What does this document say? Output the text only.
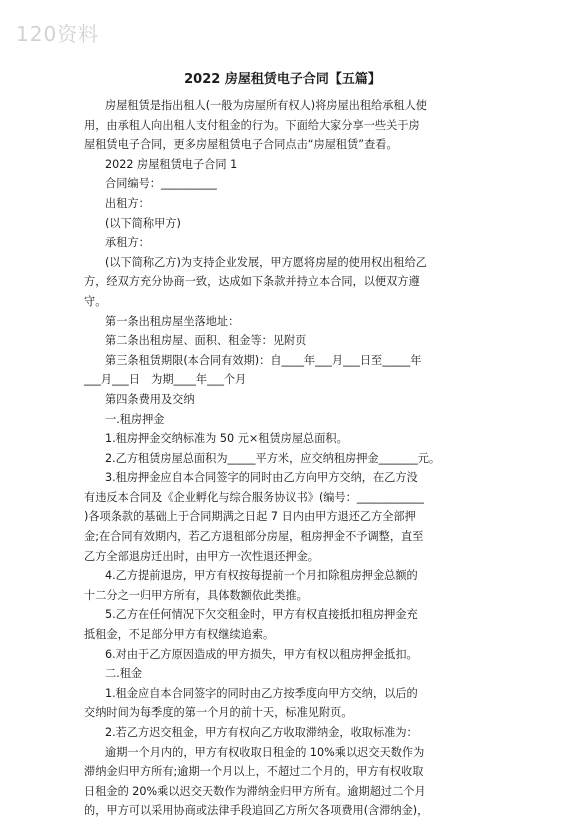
120资料
2022 房屋租赁电子合同【五篇】

房屋租赁是指出租人(一般为房屋所有权人)将房屋出租给承租人使

用，由承租人向出租人支付租金的行为。下面给大家分享一些关于房

屋租赁电子合同，更多房屋租赁电子合同点击“房屋租赁”查看。

2022 房屋租赁电子合同 1

合同编号：__________

出租方：

(以下简称甲方)

承租方：

(以下简称乙方)为支持企业发展，甲方愿将房屋的使用权出租给乙

方，经双方充分协商一致，达成如下条款并持立本合同，以便双方遵

守。

第一条出租房屋坐落地址：

第二条出租房屋、面积、租金等：见附页

第三条租赁期限(本合同有效期)：自____年___月___日至_____年

___月___日　为期____年___个月

第四条费用及交纳

一.租房押金

1.租房押金交纳标准为 50 元×租赁房屋总面积。

2.乙方租赁房屋总面积为_____平方米，应交纳租房押金_______元。

3.租房押金应自本合同签字的同时由乙方向甲方交纳，在乙方没

有违反本合同及《企业孵化与综合服务协议书》(编号：____________

)各项条款的基础上于合同期满之日起 7 日内由甲方退还乙方全部押

金;在合同有效期内，若乙方退租部分房屋，租房押金不予调整，直至

乙方全部退房迁出时，由甲方一次性退还押金。

4.乙方提前退房，甲方有权按每提前一个月扣除租房押金总额的

十二分之一归甲方所有，具体数额依此类推。

5.乙方在任何情况下欠交租金时，甲方有权直接抵扣租房押金充

抵租金，不足部分甲方有权继续追索。

6.对由于乙方原因造成的甲方损失，甲方有权以租房押金抵扣。

二.租金

1.租金应自本合同签字的同时由乙方按季度向甲方交纳，以后的

交纳时间为每季度的第一个月的前十天，标准见附页。

2.若乙方迟交租金，甲方有权向乙方收取滞纳金，收取标准为：

逾期一个月内的，甲方有权收取日租金的 10%乘以迟交天数作为

滞纳金归甲方所有;逾期一个月以上，不超过二个月的，甲方有权收取

日租金的 20%乘以迟交天数作为滞纳金归甲方所有。逾期超过二个月

的，甲方可以采用协商或法律手段追回乙方所欠各项费用(含滞纳金)，
